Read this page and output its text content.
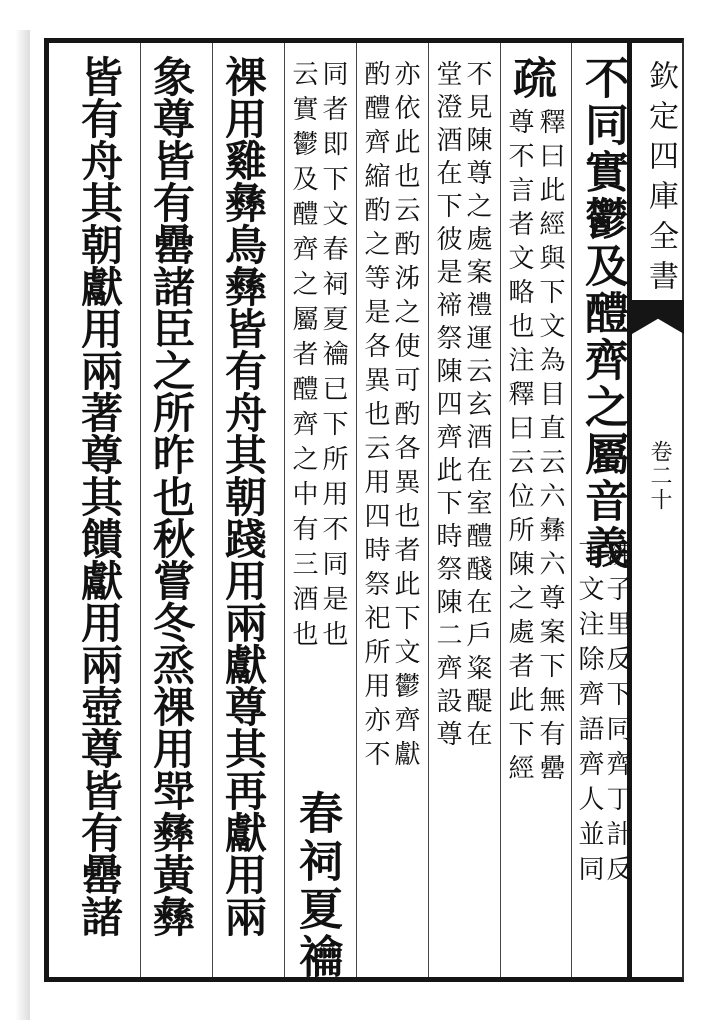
欽定四庫全書
卷二十
不同實鬱及醴齊之屬音義
沸子里反下同齊丁計反
下文注除齊語齊人並同
疏
釋曰此經與下文為目直云六彝六尊案下無有罍
尊不言者文略也注釋曰云位所陳之處者此下經
不見陳尊之處案禮運云玄酒在室醴醆在戶粢醍在
堂澄酒在下彼是禘祭陳四齊此下時祭陳二齊設尊
亦依此也云酌泲之使可酌各異也者此下文鬱齊獻
酌醴齊縮酌之等是各異也云用四時祭祀所用亦不
同者即下文春祠夏禴已下所用不同是也
云實鬱及醴齊之屬者醴齊之中有三酒也
春祠夏禴
祼用雞彝鳥彝皆有舟其朝踐用兩獻尊其再獻用兩
象尊皆有罍諸臣之所昨也秋嘗冬烝祼用斝彝黃彝
皆有舟其朝獻用兩著尊其饋獻用兩壺尊皆有罍諸
